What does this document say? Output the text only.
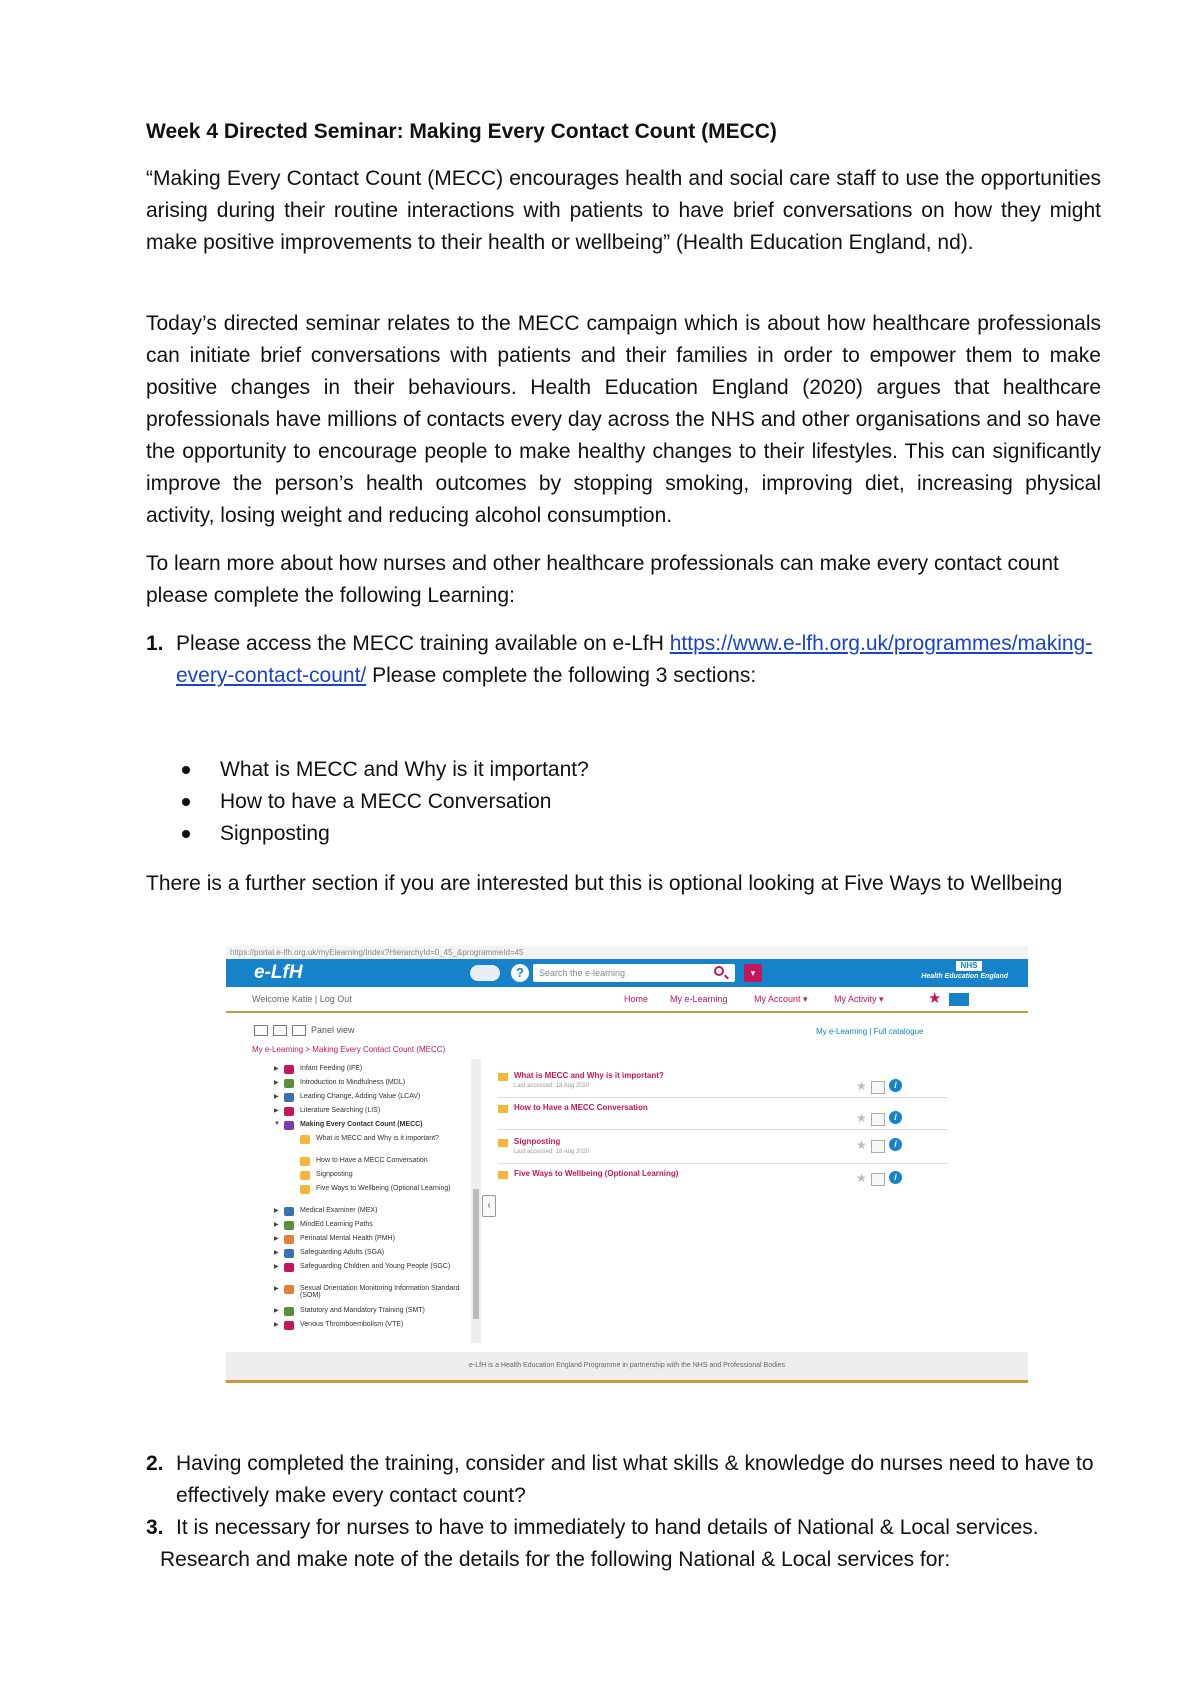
Week 4 Directed Seminar: Making Every Contact Count (MECC)
“Making Every Contact Count (MECC) encourages health and social care staff to use the opportunities arising during their routine interactions with patients to have brief conversations on how they might make positive improvements to their health or wellbeing” (Health Education England, nd).
Today’s directed seminar relates to the MECC campaign which is about how healthcare professionals can initiate brief conversations with patients and their families in order to empower them to make positive changes in their behaviours. Health Education England (2020) argues that healthcare professionals have millions of contacts every day across the NHS and other organisations and so have the opportunity to encourage people to make healthy changes to their lifestyles. This can significantly improve the person’s health outcomes by stopping smoking, improving diet, increasing physical activity, losing weight and reducing alcohol consumption.
To learn more about how nurses and other healthcare professionals can make every contact count please complete the following Learning:
1. Please access the MECC training available on e-LfH https://www.e-lfh.org.uk/programmes/making-every-contact-count/ Please complete the following 3 sections:
What is MECC and Why is it important?
How to have a MECC Conversation
Signposting
There is a further section if you are interested but this is optional looking at Five Ways to Wellbeing
https://portal.e-lfh.org.uk/myElearning/Index?HierarchyId=0_45_&programmeId=45
e-LfH	?	Search the e-learning	▾
NHS
Health Education England
Welcome Katie | Log Out	Home My e-Learning	My Account ▾	My Activity ▾	★
Panel view	My e-Learning | Full catalogue
My e-Learning > Making Every Contact Count (MECC)
▶	Infant Feeding (IFE)
▶	Introduction to Mindfulness (MDL)
▶	Leading Change, Adding Value (LCAV)
▶	Literature Searching (LIS)
▼	Making Every Contact Count (MECC)
What is MECC and Why is it important?
How to Have a MECC Conversation
Signposting
Five Ways to Wellbeing (Optional Learning)
▶	Medical Examiner (MEX)
▶	MindEd Learning Paths
▶	Perinatal Mental Health (PMH)
▶	Safeguarding Adults (SGA)
▶	Safeguarding Children and Young People (SGC)
▶	Sexual Orientation Monitoring Information Standard (SOM)
▶	Statutory and Mandatory Training (SMT)
▶	Venous Thromboembolism (VTE)
‹
What is MECC and Why is it important?
Last accessed: 18 Aug 2020
How to Have a MECC Conversation
Signposting
Last accessed: 18 Aug 2020
Five Ways to Wellbeing (Optional Learning)
★	i
★	i
★	i
★	i
e-LfH is a Health Education England Programme in partnership with the NHS and Professional Bodies
2. Having completed the training, consider and list what skills & knowledge do nurses need to have to effectively make every contact count?
3. It is necessary for nurses to have to immediately to hand details of National & Local services.
Research and make note of the details for the following National & Local services for:
